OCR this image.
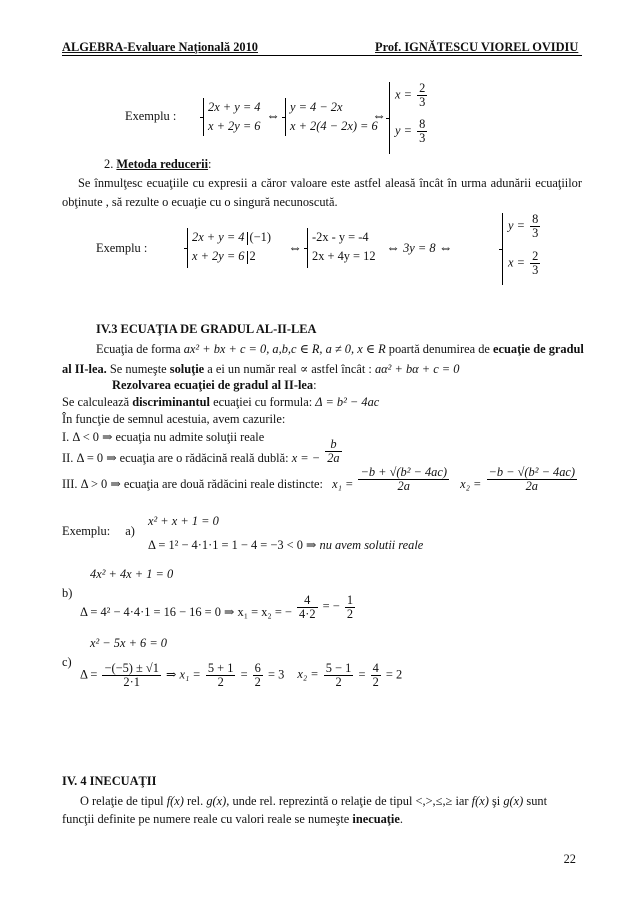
ALGEBRA-Evaluare Naţională 2010	Prof. IGNĂTESCU VIOREL OVIDIU
Exemplu :
2x + y = 4
x + 2y = 6
⇔
y = 4 − 2x
x + 2(4 − 2x) = 6
⇔
$x = \frac{2}{3}$
$y = \frac{8}{3}$
2. Metoda reducerii:
Se înmulţesc ecuaţiile cu expresii a căror valoare este astfel aleasă încât în urma adunării ecuaţiilor obţinute , să rezulte o ecuaţie cu o singură necunoscută.
Exemplu :
2x + y = 4 (−1)
x + 2y = 6 2	⇔
-2x - y = -4
2x + 4y = 12 ⇔ 3y = 8 ⇔
$y = \frac{8}{3}$
$x = \frac{2}{3}$
IV.3 ECUAŢIA DE GRADUL AL-II-LEA
Ecuaţia de forma ax² + bx + c = 0, a,b,c ∈ R, a ≠ 0, x ∈ R poartă denumirea de ecuaţie de gradul
al II-lea. Se numeşte soluţie a ei un număr real ∝ astfel încât : aα² + bα + c = 0
Rezolvarea ecuaţiei de gradul al II-lea:
Se calculează discriminantul ecuaţiei cu formula: Δ = b² − 4ac
În funcţie de semnul acestuia, avem cazurile:
I. Δ < 0 ⇒ ecuaţia nu admite soluţii reale
II. Δ = 0 ⇒ ecuaţia are o rădăcină reală dublă: x = − $\frac{b}{2a}$
III. Δ > 0 ⇒ ecuaţia are două rădăcini reale distincte: $x_1 = \frac{\text{−b + √(b² − 4ac)}}{2a} x_2 = \frac{\text{−b − √(b² − 4ac)}}{2a}$
x² + x + 1 = 0
Exemplu: a)
Δ = 1² − 4·1·1 = 1 − 4 = −3 < 0 ⇒ nu avem solutii reale
4x² + 4x + 1 = 0
b)
Δ = 4² − 4·4·1 = 16 − 16 = 0 ⇒ x₁ = x₂ = − $\frac{4}{4\cdot 2}$ = − $\frac{1}{2}$
x² − 5x + 6 = 0
c)
$\Delta = \frac{-(-5) \pm √1}{2\cdot 1}$ ⇒ $x_1 = \frac{5 + 1}{2} = \frac{6}{2} = 3$ $x_2 = \frac{5 - 1}{2} = \frac{4}{2} = 2$
IV. 4 INECUAŢII
O relaţie de tipul f(x) rel. g(x), unde rel. reprezintă o relaţie de tipul <,>,≤,≥ iar f(x) şi g(x) sunt
funcţii definite pe numere reale cu valori reale se numeşte inecuaţie.
22
